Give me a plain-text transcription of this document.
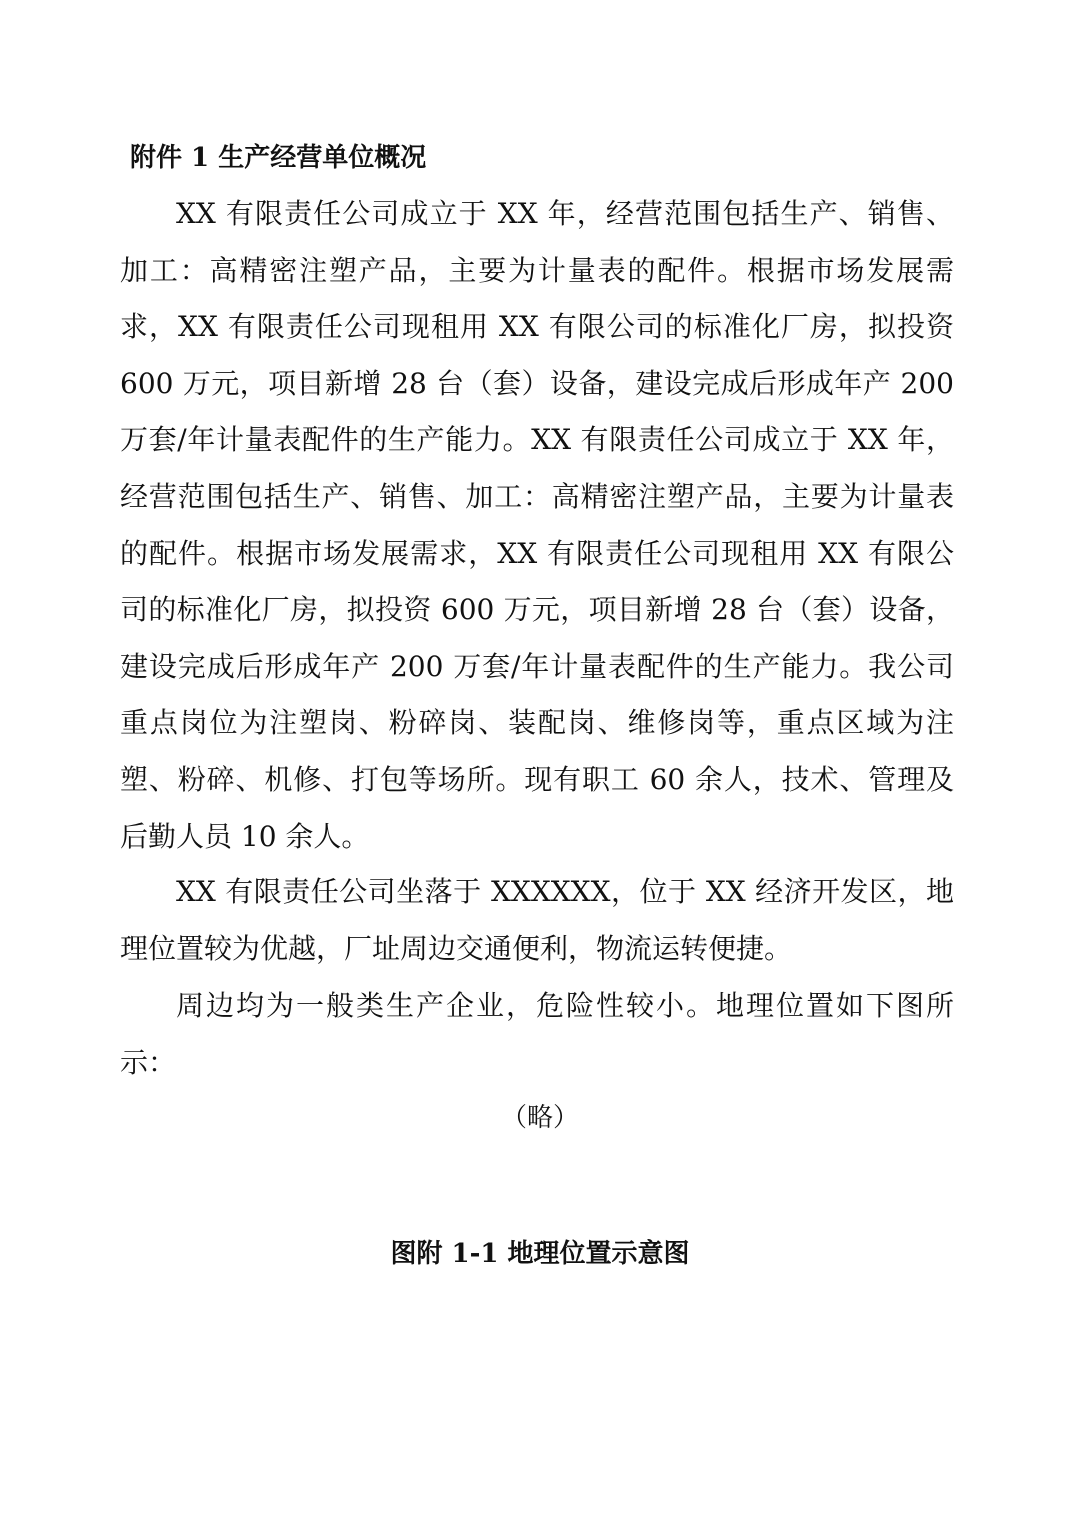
附件 1 生产经营单位概况

XX 有限责任公司成立于 XX 年，经营范围包括生产、销售、加工：高精密注塑产品，主要为计量表的配件。根据市场发展需求，XX 有限责任公司现租用 XX 有限公司的标准化厂房，拟投资 600 万元，项目新增 28 台（套）设备，建设完成后形成年产 200 万套/年计量表配件的生产能力。XX 有限责任公司成立于 XX 年，经营范围包括生产、销售、加工：高精密注塑产品，主要为计量表的配件。根据市场发展需求，XX 有限责任公司现租用 XX 有限公司的标准化厂房，拟投资 600 万元，项目新增 28 台（套）设备，建设完成后形成年产 200 万套/年计量表配件的生产能力。我公司重点岗位为注塑岗、粉碎岗、装配岗、维修岗等，重点区域为注塑、粉碎、机修、打包等场所。现有职工 60 余人，技术、管理及后勤人员 10 余人。

XX 有限责任公司坐落于 XXXXXX，位于 XX 经济开发区，地理位置较为优越，厂址周边交通便利，物流运转便捷。

周边均为一般类生产企业，危险性较小。地理位置如下图所示：

（略）
图附 1-1 地理位置示意图
